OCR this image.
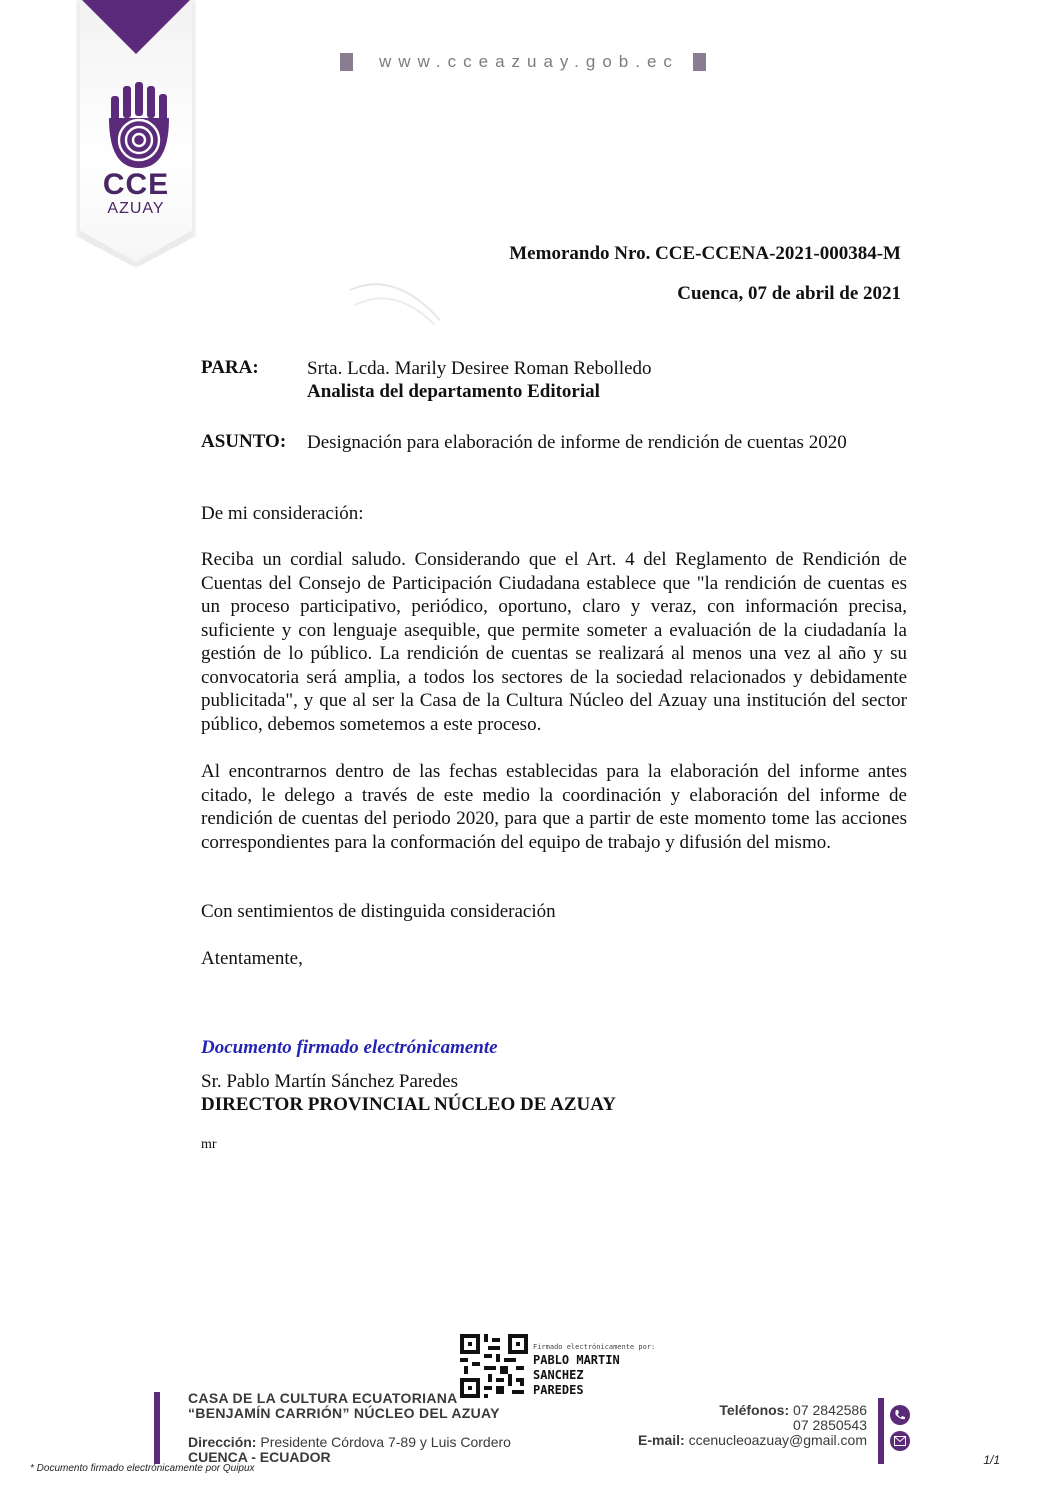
CCE
AZUAY
www.cceazuay.gob.ec
Memorando Nro. CCE-CCENA-2021-000384-M
Cuenca, 07 de abril de 2021
PARA:	Srta. Lcda. Marily Desiree Roman Rebolledo
Analista del departamento Editorial
ASUNTO: Designación para elaboración de informe de rendición de cuentas 2020
De mi consideración:
Reciba un cordial saludo. Considerando que el Art. 4 del Reglamento de Rendición de Cuentas del Consejo de Participación Ciudadana establece que "la rendición de cuentas es un proceso participativo, periódico, oportuno, claro y veraz, con información precisa, suficiente y con lenguaje asequible, que permite someter a evaluación de la ciudadanía la gestión de lo público. La rendición de cuentas se realizará al menos una vez al año y su convocatoria será amplia, a todos los sectores de la sociedad relacionados y debidamente publicitada", y que al ser la Casa de la Cultura Núcleo del Azuay una institución del sector público, debemos sometemos a este proceso.
Al encontrarnos dentro de las fechas establecidas para la elaboración del informe antes citado, le delego a través de este medio la coordinación y elaboración del informe de rendición de cuentas del periodo 2020, para que a partir de este momento tome las acciones correspondientes para la conformación del equipo de trabajo y difusión del mismo.
Con sentimientos de distinguida consideración
Atentamente,
Documento firmado electrónicamente
Sr. Pablo Martín Sánchez Paredes
DIRECTOR PROVINCIAL NÚCLEO DE AZUAY
mr
Firmado electrónicamente por:
PABLO MARTIN
SANCHEZ
PAREDES
CASA DE LA CULTURA ECUATORIANA
“BENJAMÍN CARRIÓN” NÚCLEO DEL AZUAY
Dirección: Presidente Córdova 7-89 y Luis Cordero
CUENCA - ECUADOR
Teléfonos: 07 2842586
07 2850543
E-mail: ccenucleoazuay@gmail.com
* Documento firmado electrónicamente por Quipux
1/1
